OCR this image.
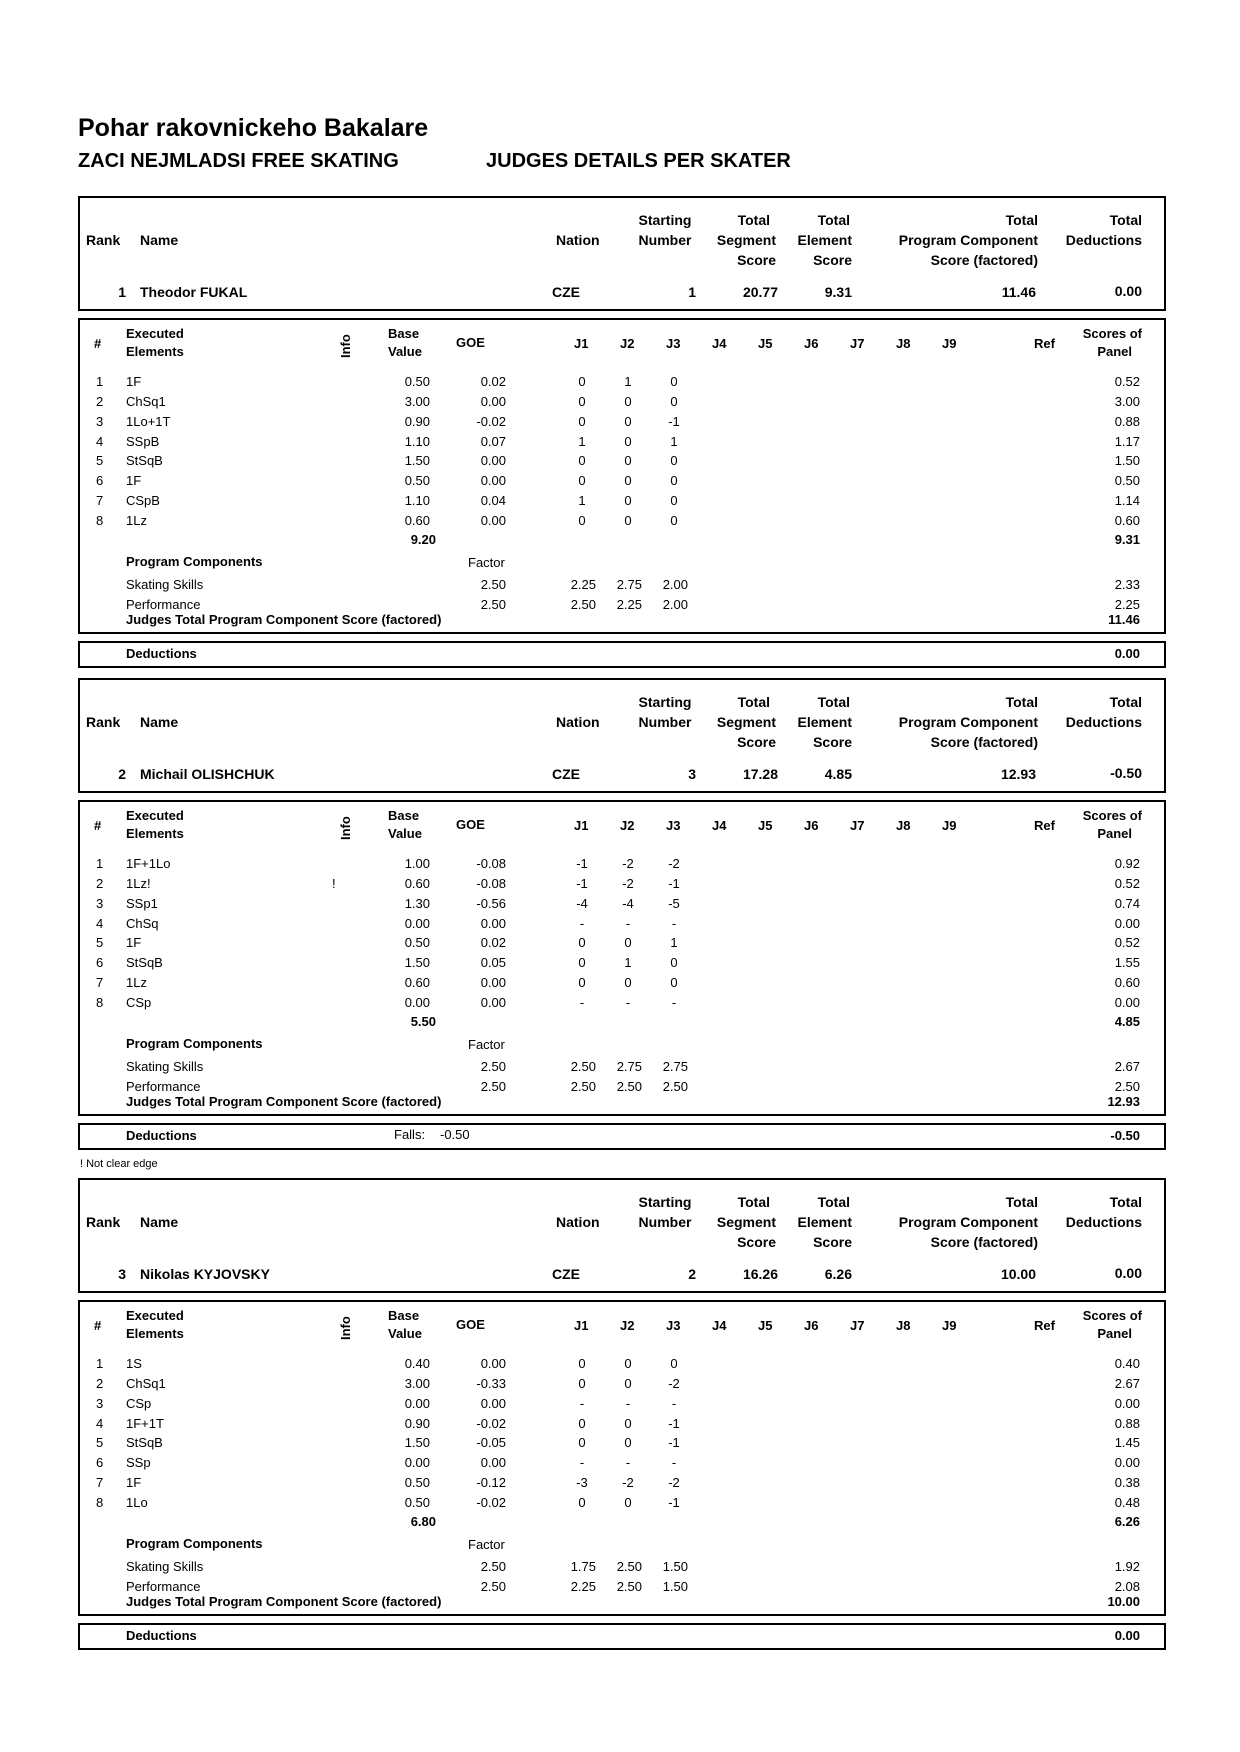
Pohar rakovnickeho Bakalare
ZACI NEJMLADSI FREE SKATING	JUDGES DETAILS PER SKATER
Rank Name	Nation
Starting
Number
Total
Segment
Score
Total
Element
Score
Total
Program Component
Score (factored)
Total
Deductions
1 Theodor FUKAL	CZE	1	20.77	9.31	11.46	0.00
#
Executed
Elements	Info
Base
Value
GOE	J1 J2 J3 J4 J5 J6 J7 J8 J9	Ref
Scores of
Panel
1 1F	0.50	0.02	0	1	0	0.52
2 ChSq1	3.00	0.00	0	0	0	3.00
3 1Lo+1T	0.90	-0.02	0	0	-1	0.88
4 SSpB	1.10	0.07	1	0	1	1.17
5 StSqB	1.50	0.00	0	0	0	1.50
6 1F	0.50	0.00	0	0	0	0.50
7 CSpB	1.10	0.04	1	0	0	1.14
8 1Lz	0.60	0.00	0	0	0	0.60
9.20	9.31
Program Components	Factor
Skating Skills	2.50	2.25	2.75	2.00	2.33
Performance	2.50	2.50	2.25	2.00	2.25
Judges Total Program Component Score (factored)	11.46
Deductions	0.00
Rank Name	Nation
Starting
Number
Total
Segment
Score
Total
Element
Score
Total
Program Component
Score (factored)
Total
Deductions
2 Michail OLISHCHUK	CZE	3	17.28	4.85	12.93	-0.50
#
Executed
Elements	Info
Base
Value
GOE	J1 J2 J3 J4 J5 J6 J7 J8 J9	Ref
Scores of
Panel
1 1F+1Lo	1.00	-0.08	-1	-2	-2	0.92
2 1Lz!	!	0.60	-0.08	-1	-2	-1	0.52
3 SSp1	1.30	-0.56	-4	-4	-5	0.74
4 ChSq	0.00	0.00	-	-	-	0.00
5 1F	0.50	0.02	0	0	1	0.52
6 StSqB	1.50	0.05	0	1	0	1.55
7 1Lz	0.60	0.00	0	0	0	0.60
8 CSp	0.00	0.00	-	-	-	0.00
5.50	4.85
Program Components	Factor
Skating Skills	2.50	2.50	2.75	2.75	2.67
Performance	2.50	2.50	2.50	2.50	2.50
Judges Total Program Component Score (factored)	12.93
Deductions	Falls: -0.50	-0.50
! Not clear edge
Rank Name	Nation
Starting
Number
Total
Segment
Score
Total
Element
Score
Total
Program Component
Score (factored)
Total
Deductions
3 Nikolas KYJOVSKY	CZE	2	16.26	6.26	10.00	0.00
#
Executed
Elements	Info
Base
Value
GOE	J1 J2 J3 J4 J5 J6 J7 J8 J9	Ref
Scores of
Panel
1 1S	0.40	0.00	0	0	0	0.40
2 ChSq1	3.00	-0.33	0	0	-2	2.67
3 CSp	0.00	0.00	-	-	-	0.00
4 1F+1T	0.90	-0.02	0	0	-1	0.88
5 StSqB	1.50	-0.05	0	0	-1	1.45
6 SSp	0.00	0.00	-	-	-	0.00
7 1F	0.50	-0.12	-3	-2	-2	0.38
8 1Lo	0.50	-0.02	0	0	-1	0.48
6.80	6.26
Program Components	Factor
Skating Skills	2.50	1.75	2.50	1.50	1.92
Performance	2.50	2.25	2.50	1.50	2.08
Judges Total Program Component Score (factored)	10.00
Deductions	0.00
